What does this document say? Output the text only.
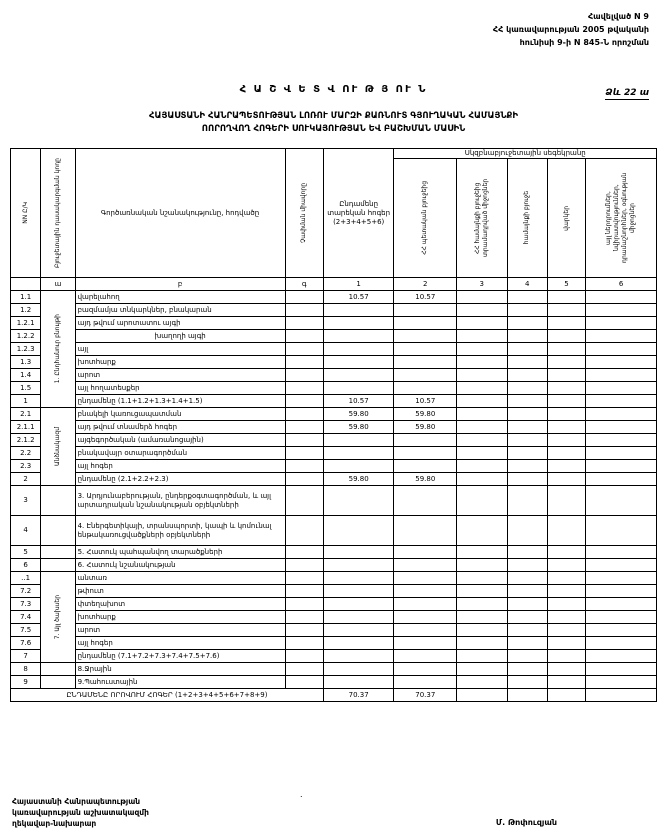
Հավելված N 9
ՀՀ կառավարության 2005 թվականի
հունիսի 9-ի N 845-Ն որոշման
Ձև 22 ա
Հ Ա Շ Վ Ե Տ Վ ՈՒ Թ Յ ՈՒ Ն
ՀԱՅԱՍՏԱՆԻ ՀԱՆՐԱՊԵՏՈՒԹՅԱՆ ԼՈՌՈՒ ՄԱՐԶԻ ՔԱՌՆՈՒՏ ԳՅՈՒՂԱԿԱՆ ՀԱՄԱՅՆՔԻ
ՈՈՐՈՂՎՈՂ ՀՈԳԵՐԻ ՍՈՒԿԱՅՈՒԹՅԱՆ ԵՎ ԲԱՇԽՄԱՆ ՄԱՍԻՆ
NN Ը/Կ	Բյուջետային դասակարգման կոդը	Գործառնական նշանակությունը, հոդվածը	Չափման միավորը	Ընդամենը տարեկան հոգեր (2+3+4+5+6)	Սկզբնաբյուջետային սեգեկրանը				

					ՀՀ պետական բյուջեից	ՀՀ համայնքի բյուջեից տրամադրված միջոցներ	համայնքի բյուջե	վարկեր	այլ ներդրումներ, նվիրատվություններ, դրամաշնորհներ, օգնության միջոցներ

	ա	բ	գ	1	2	3	4	5	6
1.1	1. Ընդհանուր բնույթի	վարելահող		10.57	10.57				
1.2		բազմամյա տնկարկներ, բնակարան							
1.2.1		այդ թվում արոտատու այգի							
1.2.2		խաղողի այգի							
1.2.3		այլ							
1.3		խոտհարք							
1.4		արոտ							
1.5		այլ հողատեսքեր							
1		ընդամենը (1.1+1.2+1.3+1.4+1.5)		10.57	10.57				
2.1	Անձնակազմ	բնակելի կառուցապատման		59.80	59.80				
2.1.1		այդ թվում տնամերձ հոգեր		59.80	59.80				
2.1.2		այգեգործական (ամառանոցային)							
2.2		բնակավայր օտարագործման							
2.3		այլ հոգեր							
2		ընդամենը (2.1+2.2+2.3)		59.80	59.80				
3		3. Արդյունաբերության, ընդերքօգտագործման, և այլ արտադրական նշանակության օբյեկտների							
4		4. Էներգետիկայի, տրանսպորտի, կապի և կոմունալ ենթակառուցվածքների օբյեկտների							
5		5. Հատուկ պահպանվող տարածքների							
6		6. Հատուկ նշանակության							
..1	7. Այլ ծախսեր	անտառ							
7.2		թփուտ							
7.3		փտեղախոտ							
7.4		խոտհարք							
7.5		արոտ							
7.6		այլ հոգեր							
7		ընդամենը (7.1+7.2+7.3+7.4+7.5+7.6)							
8		8.Ջրային							
9		9.Պահուստային							
ԸՆԴԱՄԵՆԸ ՈՐՈՎՈՒՄ ՀՈԳԵՐ (1+2+3+4+5+6+7+8+9)				70.37	70.37				
.
Հայաստանի Հանրապետության
կառավարության աշխատակազմի
ղեկավար-նախարար	Մ. Թոփուզյան
